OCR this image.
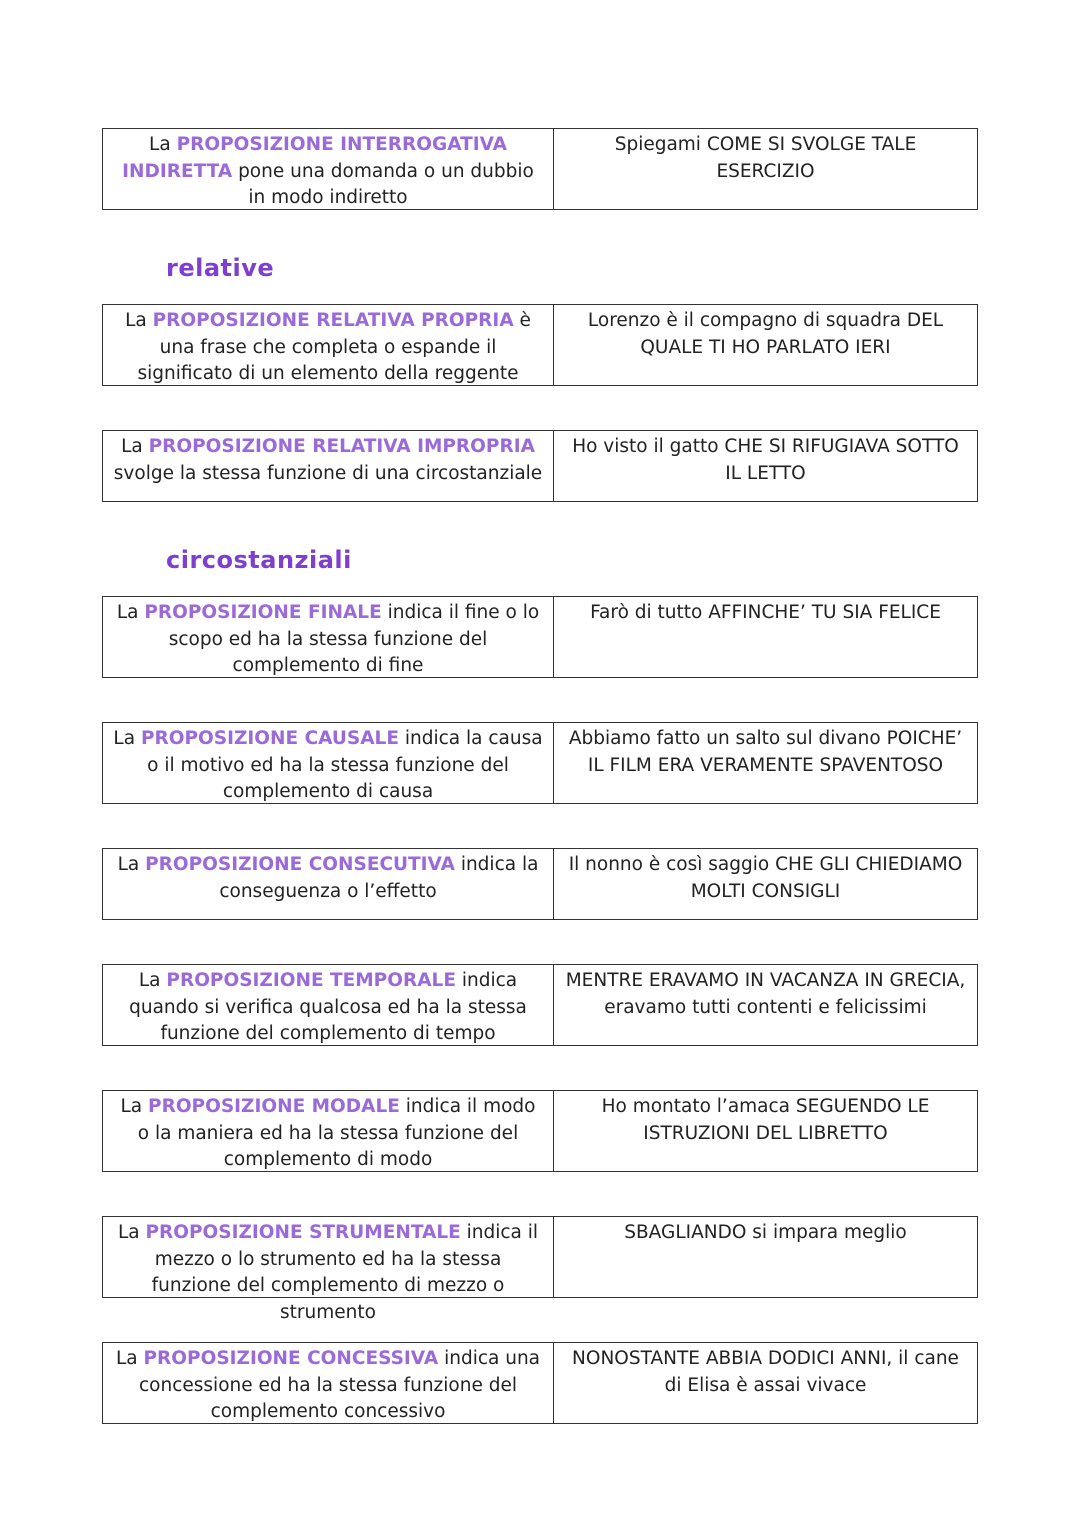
La PROPOSIZIONE INTERROGATIVA INDIRETTA pone una domanda o un dubbio in modo indiretto
Spiegami COME SI SVOLGE TALE ESERCIZIO
relative
La PROPOSIZIONE RELATIVA PROPRIA è una frase che completa o espande il significato di un elemento della reggente
Lorenzo è il compagno di squadra DEL QUALE TI HO PARLATO IERI
La PROPOSIZIONE RELATIVA IMPROPRIA svolge la stessa funzione di una circostanziale
Ho visto il gatto CHE SI RIFUGIAVA SOTTO IL LETTO
circostanziali
La PROPOSIZIONE FINALE indica il fine o lo scopo ed ha la stessa funzione del complemento di fine
Farò di tutto AFFINCHE’ TU SIA FELICE
La PROPOSIZIONE CAUSALE indica la causa o il motivo ed ha la stessa funzione del complemento di causa
Abbiamo fatto un salto sul divano POICHE’ IL FILM ERA VERAMENTE SPAVENTOSO
La PROPOSIZIONE CONSECUTIVA indica la conseguenza o l’effetto
Il nonno è così saggio CHE GLI CHIEDIAMO MOLTI CONSIGLI
La PROPOSIZIONE TEMPORALE indica quando si verifica qualcosa ed ha la stessa funzione del complemento di tempo
MENTRE ERAVAMO IN VACANZA IN GRECIA, eravamo tutti contenti e felicissimi
La PROPOSIZIONE MODALE indica il modo o la maniera ed ha la stessa funzione del complemento di modo
Ho montato l’amaca SEGUENDO LE ISTRUZIONI DEL LIBRETTO
La PROPOSIZIONE STRUMENTALE indica il mezzo o lo strumento ed ha la stessa funzione del complemento di mezzo o strumento
SBAGLIANDO si impara meglio
La PROPOSIZIONE CONCESSIVA indica una concessione ed ha la stessa funzione del complemento concessivo
NONOSTANTE ABBIA DODICI ANNI, il cane di Elisa è assai vivace
